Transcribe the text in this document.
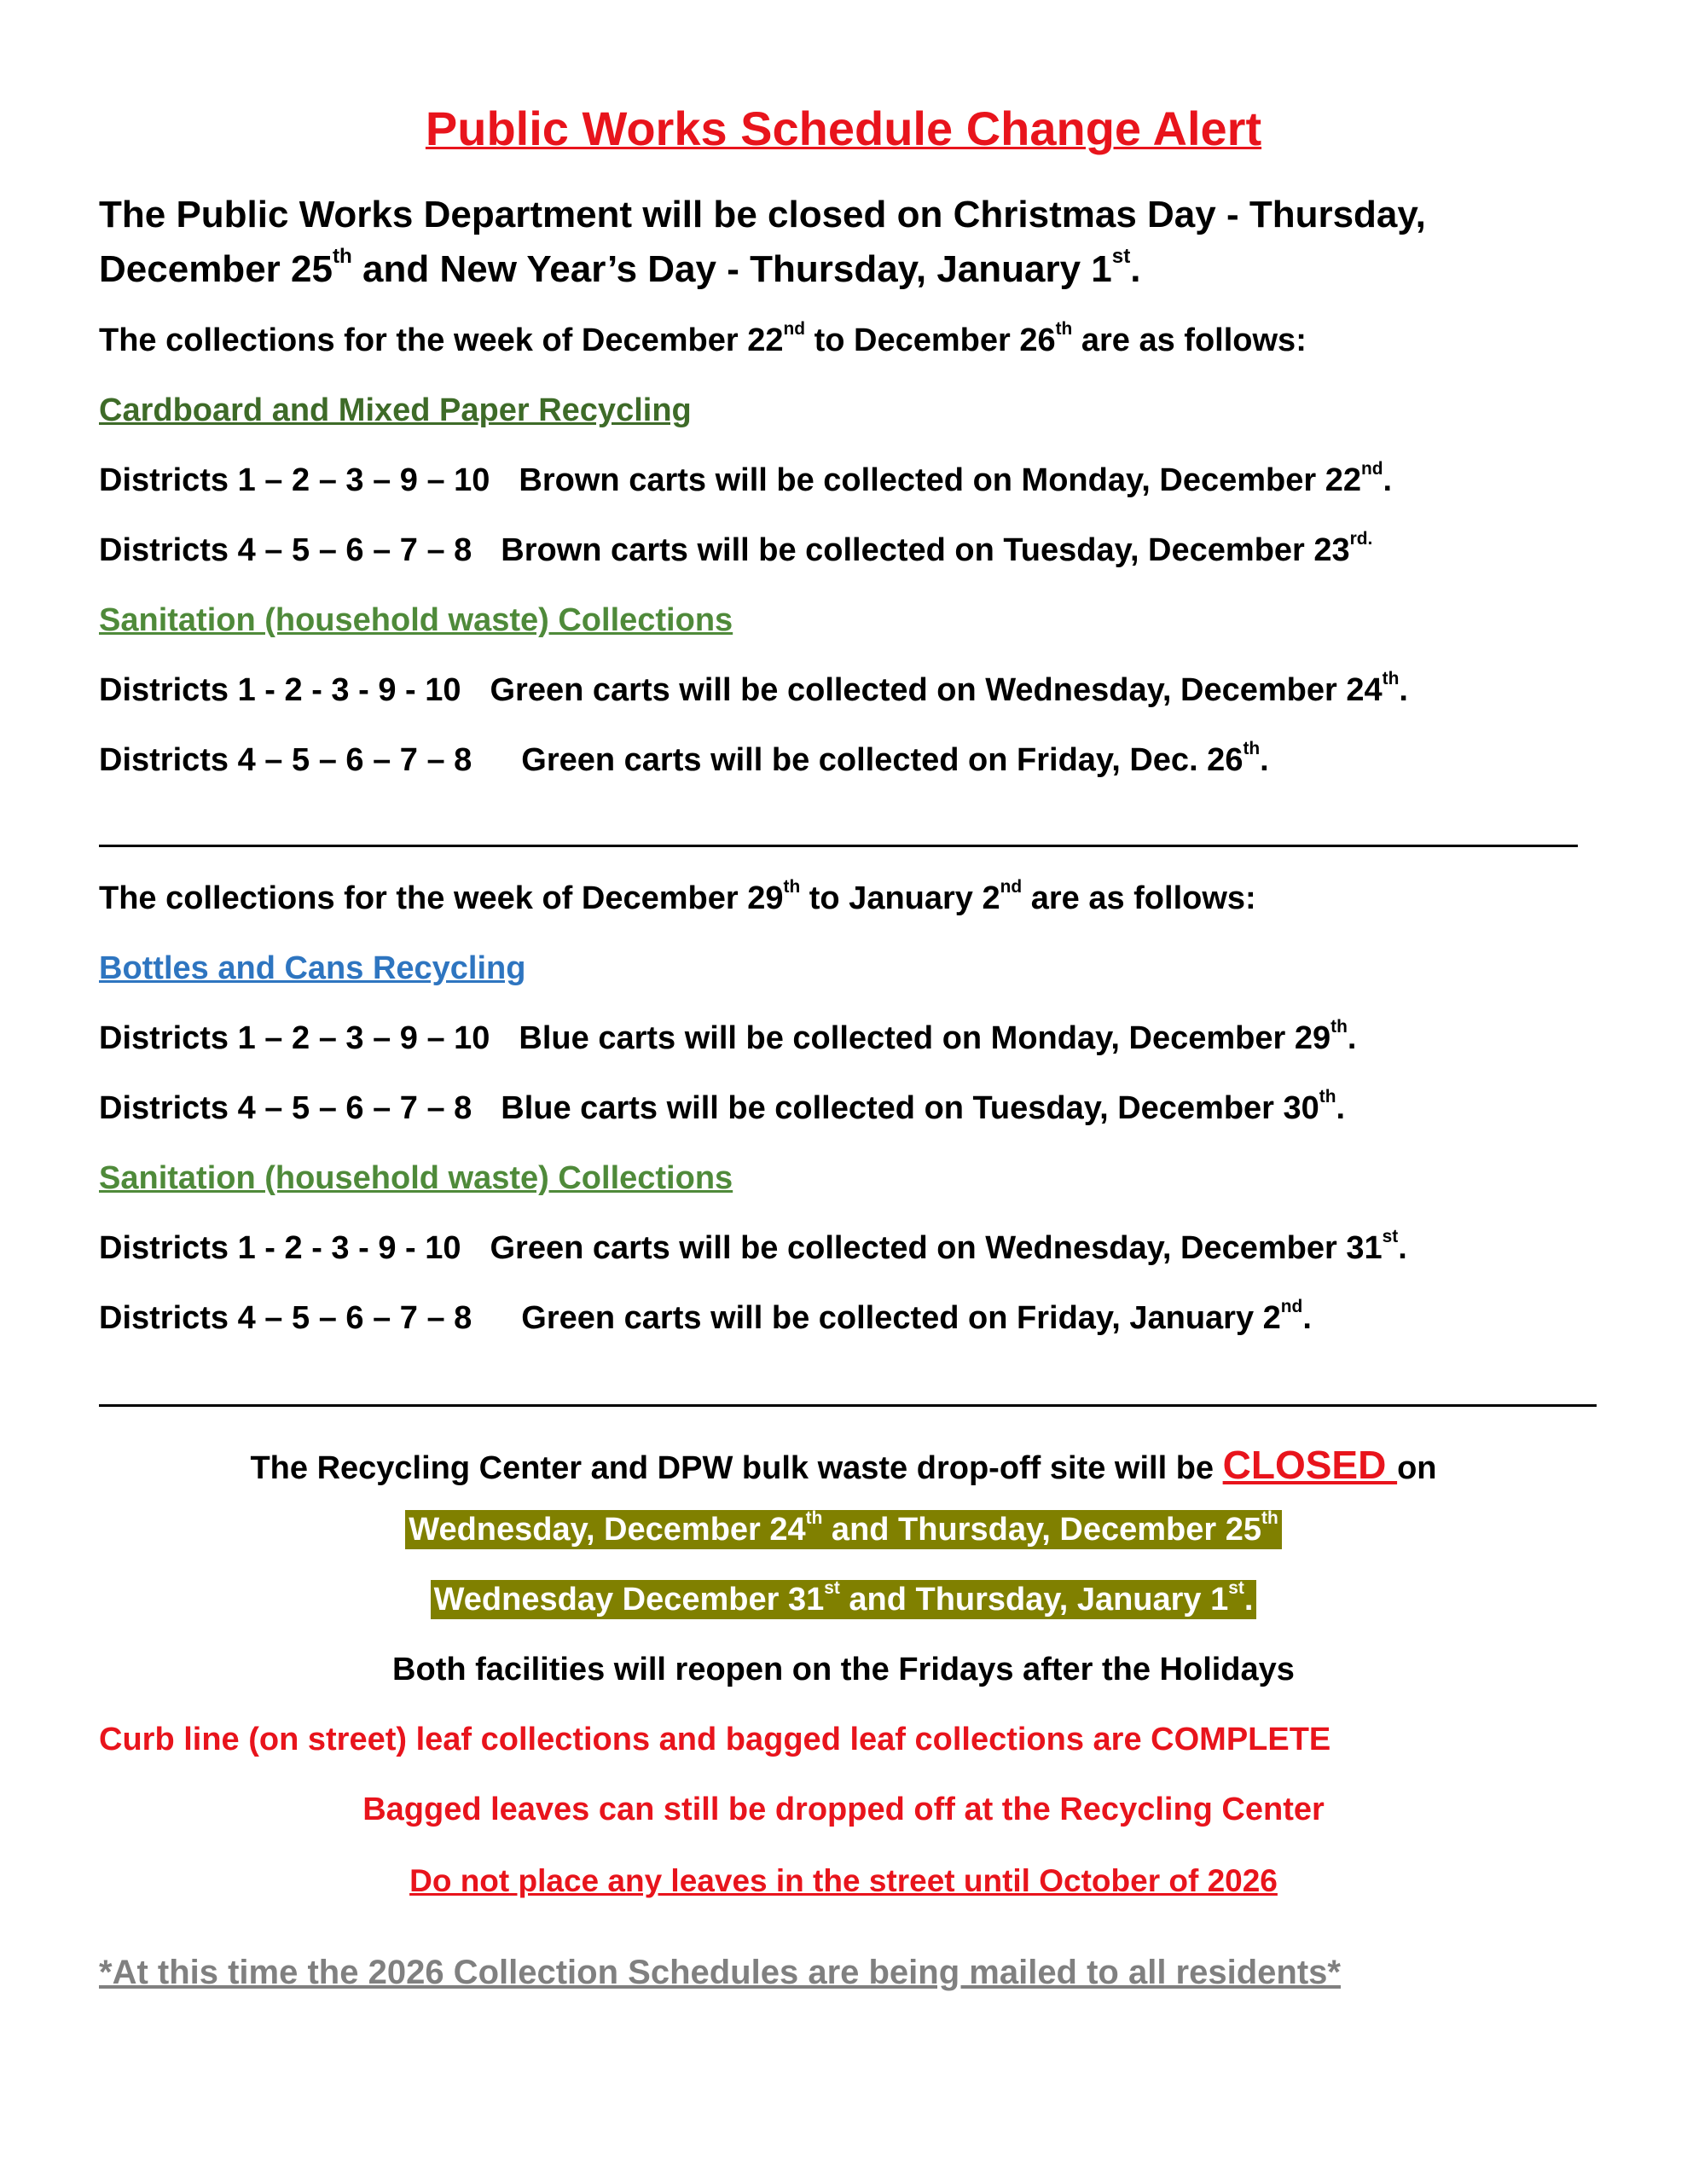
Public Works Schedule Change Alert

The Public Works Department will be closed on Christmas Day - Thursday, December 25th and New Year’s Day - Thursday, January 1st.

The collections for the week of December 22nd to December 26th are as follows:

Cardboard and Mixed Paper Recycling

Districts 1 – 2 – 3 – 9 – 10 Brown carts will be collected on Monday, December 22nd.

Districts 4 – 5 – 6 – 7 – 8 Brown carts will be collected on Tuesday, December $23^{rd.}$

Sanitation (household waste) Collections

Districts 1 - 2 - 3 - 9 - 10 Green carts will be collected on Wednesday, December 24th.

Districts 4 – 5 – 6 – 7 – 8 Green carts will be collected on Friday, Dec. 26th.

The collections for the week of December 29th to January 2nd are as follows:

Bottles and Cans Recycling

Districts 1 – 2 – 3 – 9 – 10 Blue carts will be collected on Monday, December 29th.

Districts 4 – 5 – 6 – 7 – 8 Blue carts will be collected on Tuesday, December 30th.

Sanitation (household waste) Collections

Districts 1 - 2 - 3 - 9 - 10 Green carts will be collected on Wednesday, December 31st.

Districts 4 – 5 – 6 – 7 – 8 Green carts will be collected on Friday, January 2nd.

The Recycling Center and DPW bulk waste drop-off site will be CLOSED on

Wednesday, December 24th and Thursday, December 25th

Wednesday December 31st and Thursday, January 1st.

Both facilities will reopen on the Fridays after the Holidays

Curb line (on street) leaf collections and bagged leaf collections are COMPLETE

Bagged leaves can still be dropped off at the Recycling Center

Do not place any leaves in the street until October of 2026

*At this time the 2026 Collection Schedules are being mailed to all residents*
